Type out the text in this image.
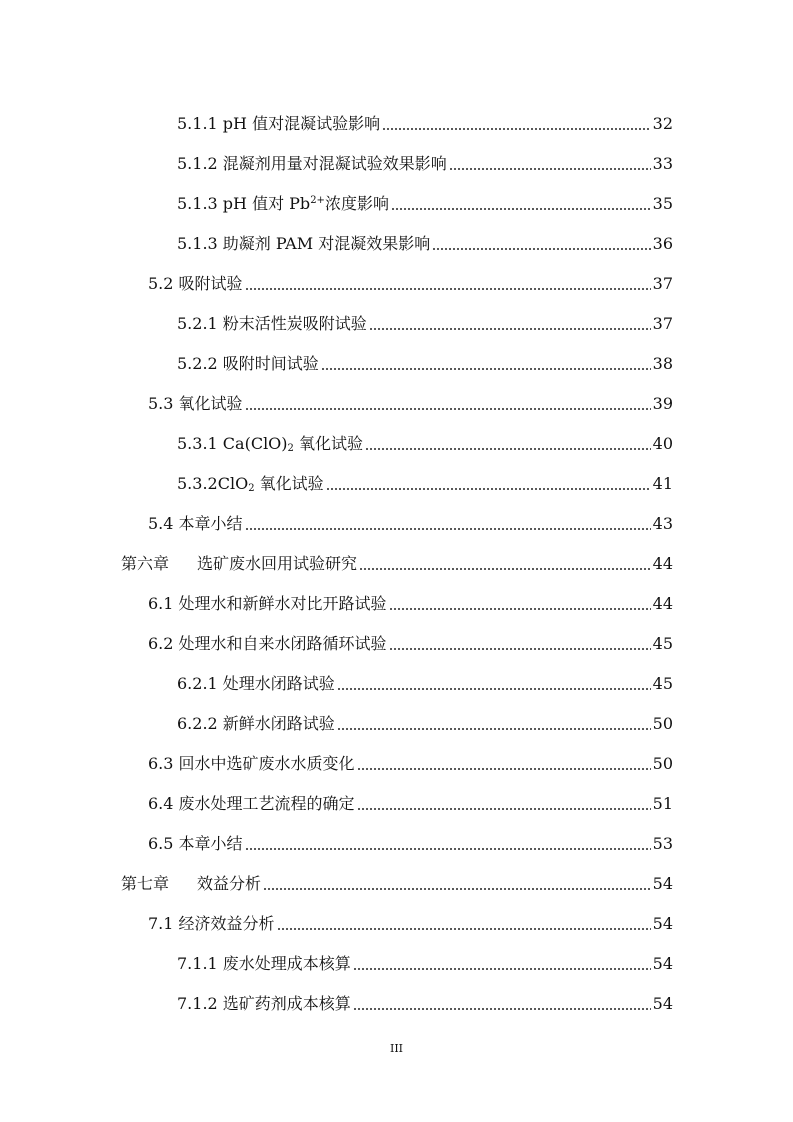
5.1.1 pH 值对混凝试验影响	32
5.1.2 混凝剂用量对混凝试验效果影响	33
5.1.3 pH 值对 $Pb^{2+}$浓度影响	35
5.1.3 助凝剂 PAM 对混凝效果影响	36
5.2 吸附试验	37
5.2.1 粉末活性炭吸附试验	37
5.2.2 吸附时间试验	38
5.3 氧化试验	39
5.3.1 $Ca(ClO)_2$ 氧化试验	40
5.3.2ClO$_2$ 氧化试验	41
5.4 本章小结	43
第六章 选矿废水回用试验研究	44
6.1 处理水和新鲜水对比开路试验	44
6.2 处理水和自来水闭路循环试验	45
6.2.1 处理水闭路试验	45
6.2.2 新鲜水闭路试验	50
6.3 回水中选矿废水水质变化	50
6.4 废水处理工艺流程的确定	51
6.5 本章小结	53
第七章 效益分析	54
7.1 经济效益分析	54
7.1.1 废水处理成本核算	54
7.1.2 选矿药剂成本核算	54
III
